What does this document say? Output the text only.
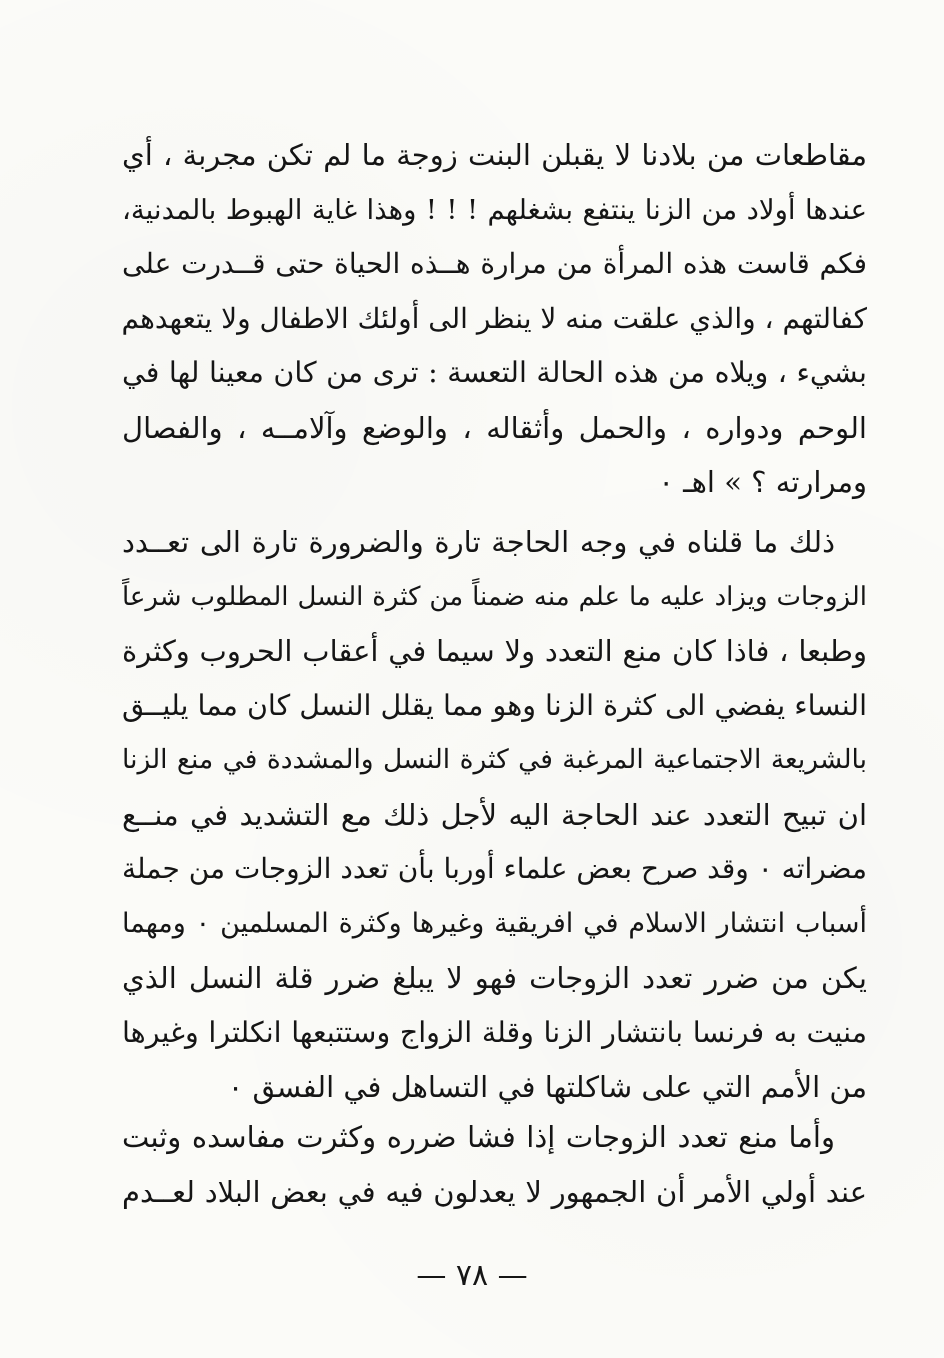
مقاطعات من بلادنا لا يقبلن البنت زوجة ما لم تكن مجربة ، أي
عندها أولاد من الزنا ينتفع بشغلهم ! ! ! وهذا غاية الهبوط بالمدنية،
فكم قاست هذه المرأة من مرارة هــذه الحياة حتى قــدرت على
كفالتهم ، والذي علقت منه لا ينظر الى أولئك الاطفال ولا يتعهدهم
بشيء ، ويلاه من هذه الحالة التعسة : ترى من كان معينا لها في
الوحم ودواره ، والحمل وأثقاله ، والوضع وآلامــه ، والفصال
ومرارته ؟ » اهـ ٠
ذلك ما قلناه في وجه الحاجة تارة والضرورة تارة الى تعــدد
الزوجات ويزاد عليه ما علم منه ضمناً من كثرة النسل المطلوب شرعاً
وطبعا ، فاذا كان منع التعدد ولا سيما في أعقاب الحروب وكثرة
النساء يفضي الى كثرة الزنا وهو مما يقلل النسل كان مما يليــق
بالشريعة الاجتماعية المرغبة في كثرة النسل والمشددة في منع الزنا
ان تبيح التعدد عند الحاجة اليه لأجل ذلك مع التشديد في منــع
مضراته ٠ وقد صرح بعض علماء أوربا بأن تعدد الزوجات من جملة
أسباب انتشار الاسلام في افريقية وغيرها وكثرة المسلمين ٠ ومهما
يكن من ضرر تعدد الزوجات فهو لا يبلغ ضرر قلة النسل الذي
منيت به فرنسا بانتشار الزنا وقلة الزواج وستتبعها انكلترا وغيرها
من الأمم التي على شاكلتها في التساهل في الفسق ٠
وأما منع تعدد الزوجات إذا فشا ضرره وكثرت مفاسده وثبت
عند أولي الأمر أن الجمهور لا يعدلون فيه في بعض البلاد لعــدم
— ٧٨ —
